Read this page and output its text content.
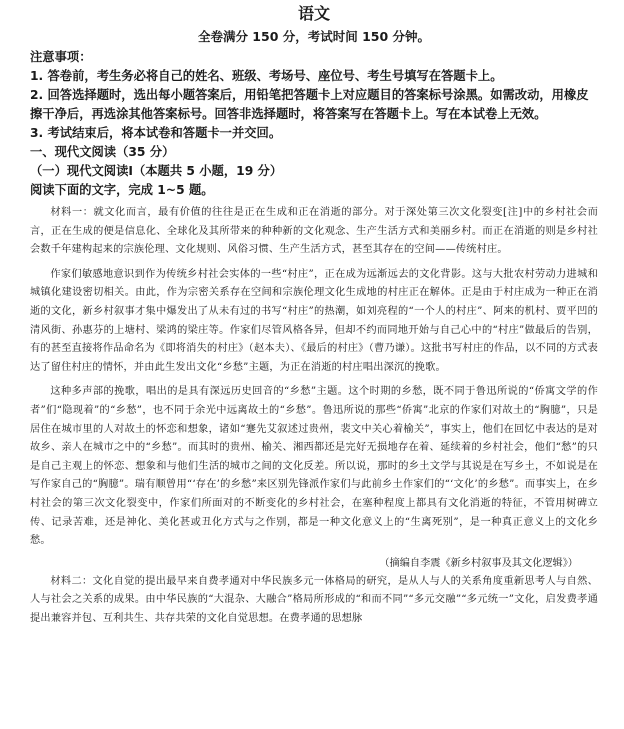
语文

全卷满分 150 分，考试时间 150 分钟。

注意事项：

1. 答卷前，考生务必将自己的姓名、班级、考场号、座位号、考生号填写在答题卡上。

2. 回答选择题时，选出每小题答案后，用铅笔把答题卡上对应题目的答案标号涂黑。如需改动，用橡皮擦干净后，再选涂其他答案标号。回答非选择题时，将答案写在答题卡上。写在本试卷上无效。

3. 考试结束后，将本试卷和答题卡一并交回。

一、现代文阅读（35 分）

（一）现代文阅读Ⅰ（本题共 5 小题，19 分）

阅读下面的文字，完成 1~5 题。

材料一：就文化而言，最有价值的往往是正在生成和正在消逝的部分。对于深处第三次文化裂变[注]中的乡村社会而言，正在生成的便是信息化、全球化及其所带来的种种新的文化观念、生产生活方式和美丽乡村。而正在消逝的则是乡村社会数千年建构起来的宗族伦理、文化规则、风俗习惯、生产生活方式，甚至其存在的空间——传统村庄。

作家们敏感地意识到作为传统乡村社会实体的一些“村庄”，正在成为远渐远去的文化背影。这与大批农村劳动力进城和城镇化建设密切相关。由此，作为宗密关系存在空间和宗族伦理文化生成地的村庄正在解体。正是由于村庄成为一种正在消逝的文化，新乡村叙事才集中爆发出了从未有过的书写“村庄”的热潮，如刘亮程的“一个人的村庄”、阿来的机村、贾平凹的清风街、孙惠芬的上塘村、梁鸿的梁庄等。作家们尽管风格各异，但却不约而同地开始与自己心中的“村庄”做最后的告别，有的甚至直接将作品命名为《即将消失的村庄》（赵本夫）、《最后的村庄》（曹乃谦）。这批书写村庄的作品，以不同的方式表达了留住村庄的情怀，并由此生发出文化“乡愁”主题，为正在消逝的村庄唱出深沉的挽歌。

这种多声部的挽歌，唱出的是具有深远历史回音的“乡愁”主题。这个时期的乡愁，既不同于鲁迅所说的“侨寓文学的作者”们“隐现着”的“乡愁”，也不同于余光中远离故土的“乡愁”。鲁迅所说的那些“侨寓”北京的作家们对故土的“胸臆”，只是居住在城市里的人对故土的怀恋和想象，诸如“蹇先艾叙述过贵州，裴文中关心着榆关”，事实上，他们在回忆中表达的是对故乡、亲人在城市之中的“乡愁”。而其时的贵州、榆关、湘西都还是完好无损地存在着、延续着的乡村社会，他们“愁”的只是自己主观上的怀恋、想象和与他们生活的城市之间的文化反差。所以说，那时的乡土文学与其说是在写乡土，不如说是在写作家自己的“胸臆”。瑞有顺曾用“‘存在’的乡愁”来区别先锋派作家们与此前乡土作家们的“‘文化’的乡愁”。而事实上，在乡村社会的第三次文化裂变中，作家们所面对的不断变化的乡村社会，在塞种程度上都具有文化消逝的特征，不管用树碑立传、记录苦难，还是神化、美化甚或丑化方式与之作别，都是一种文化意义上的“生离死别”，是一种真正意义上的文化乡愁。

（摘编自李震《新乡村叙事及其文化逻辑》）

材料二：文化自觉的提出最早来自费孝通对中华民族多元一体格局的研究，是从人与人的关系角度重新思考人与自然、人与社会之关系的成果。由中华民族的“大混杂、大融合”格局所形成的“和而不同”“多元交融”“多元统一”文化，启发费孝通提出兼容并包、互利共生、共存共荣的文化自觉思想。在费孝通的思想脉
